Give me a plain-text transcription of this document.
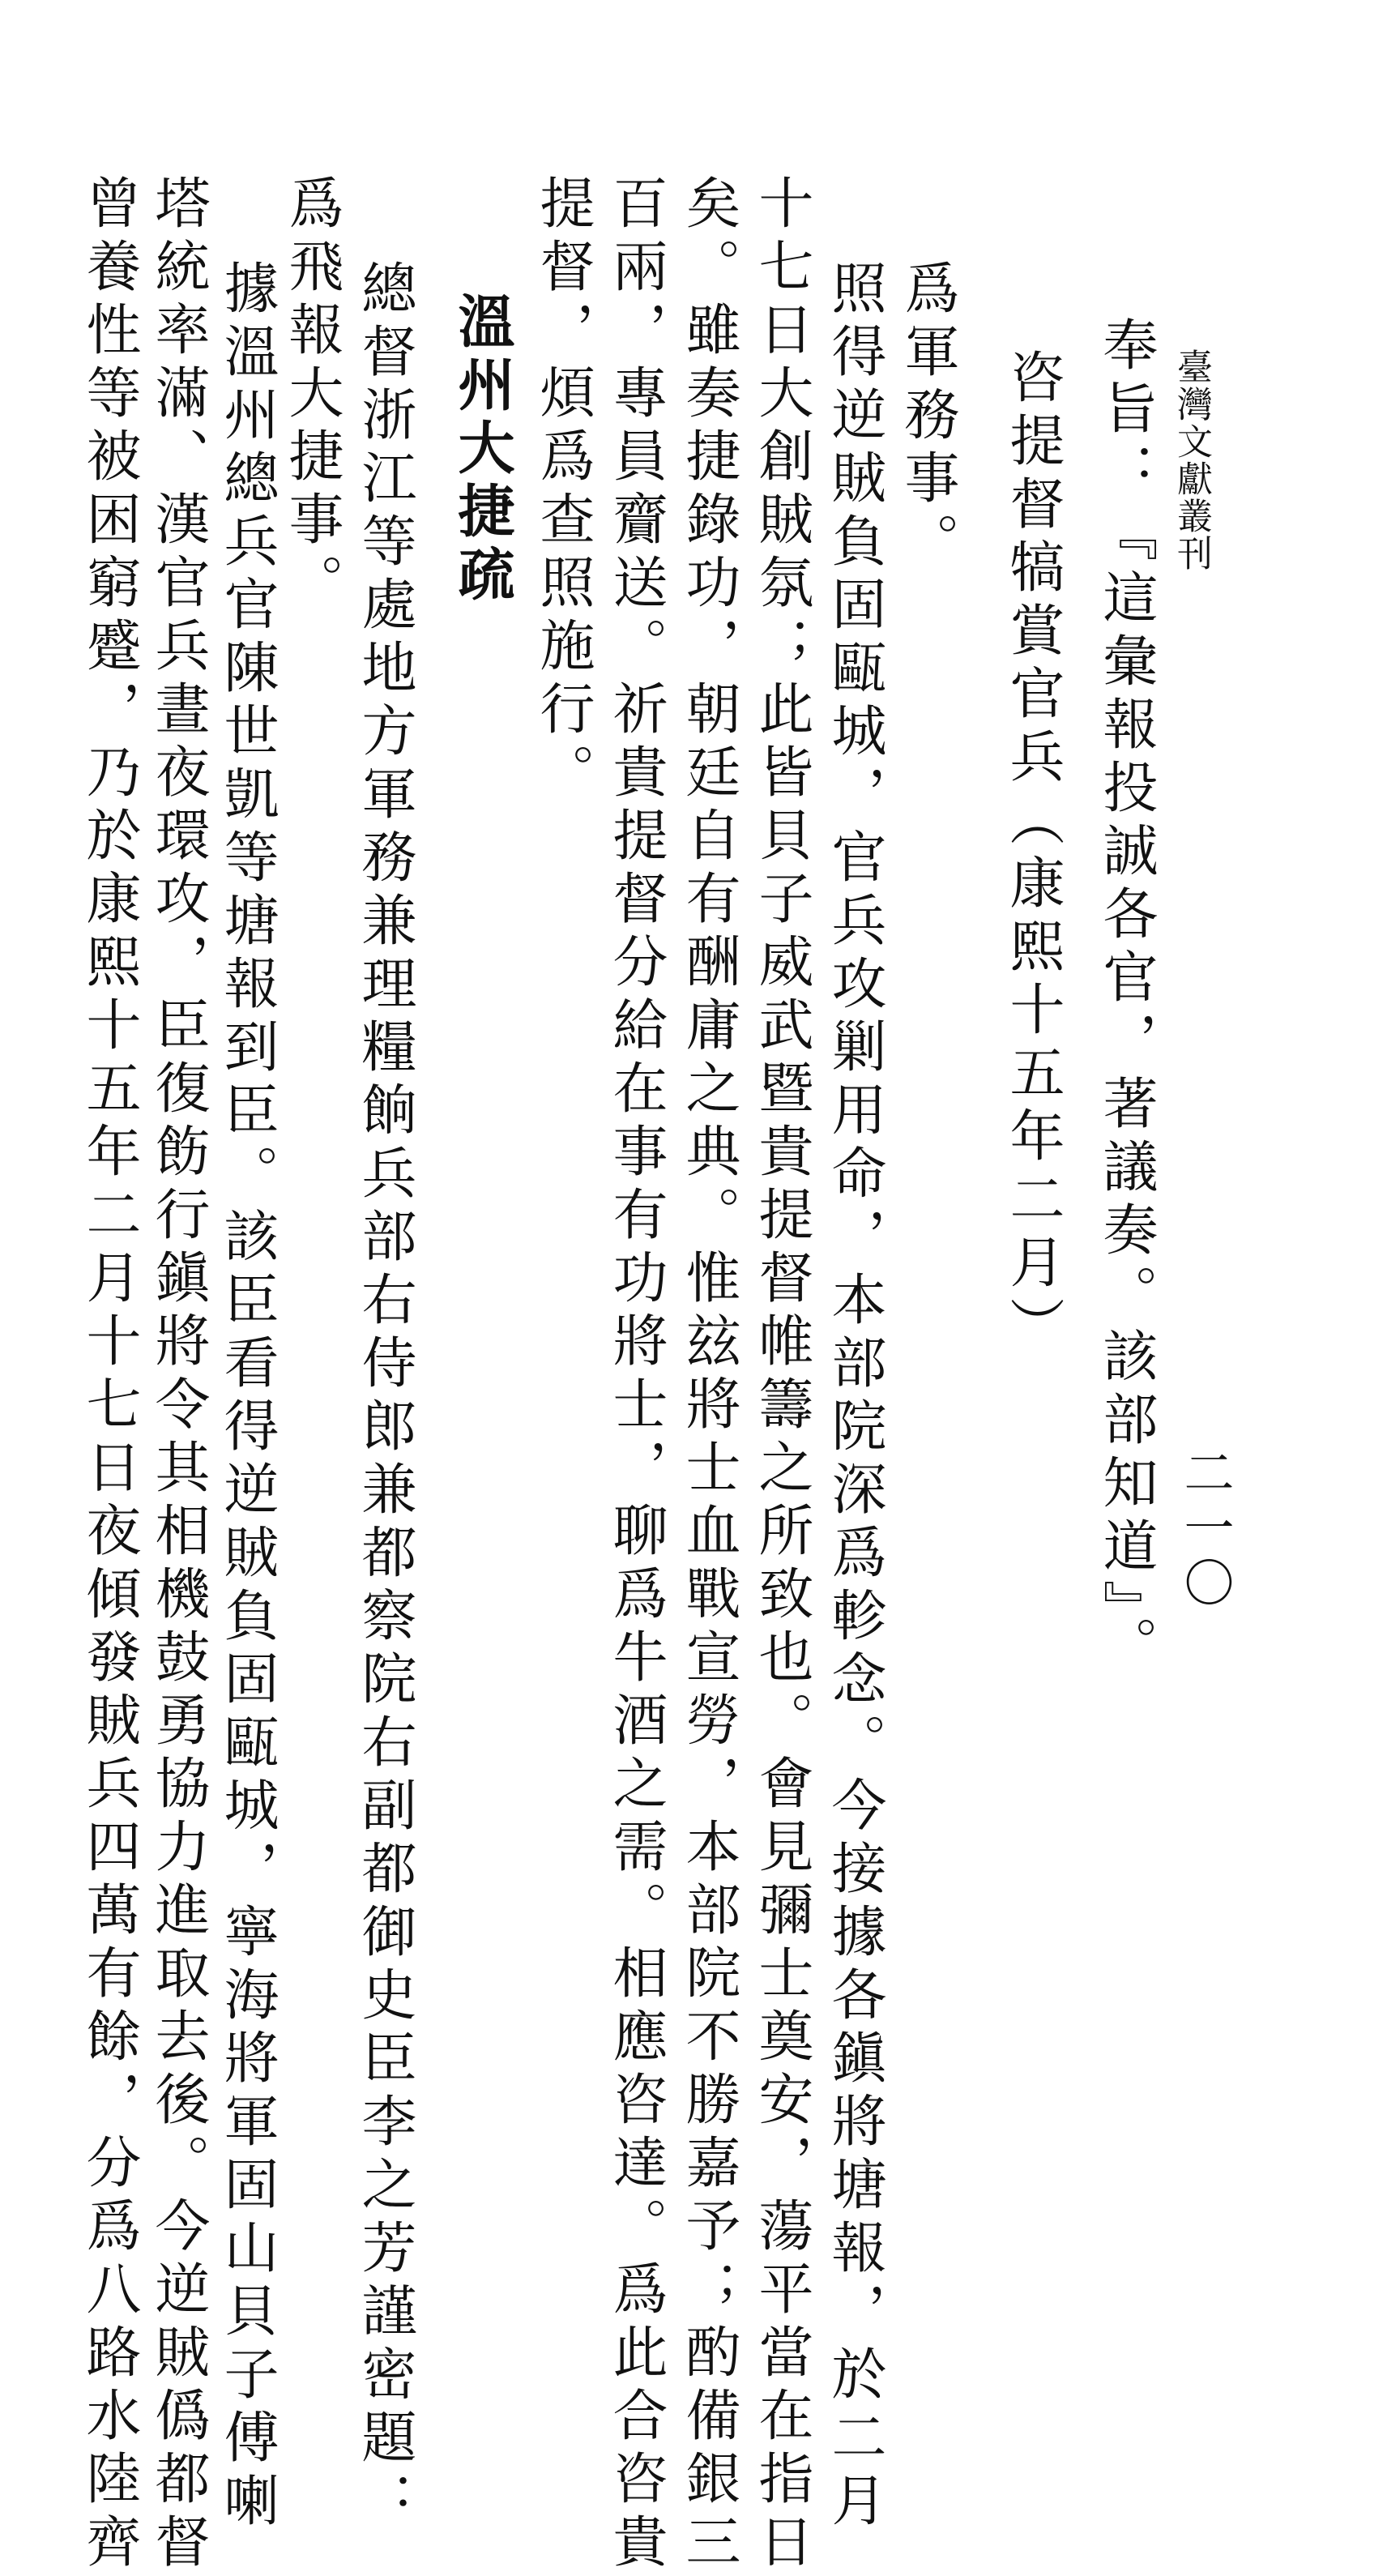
臺灣文獻叢刊
二一〇
奉旨：『這彙報投誠各官，著議奏。該部知道』。
咨提督犒賞官兵（康熙十五年二月）
爲軍務事。
照得逆賊負固甌城，官兵攻剿用命，本部院深爲軫念。今接據各鎭將塘報，於二月
十七日大創賊氛；此皆貝子威武暨貴提督帷籌之所致也。會見彌士奠安，蕩平當在指日
矣。雖奏捷錄功，朝廷自有酬庸之典。惟玆將士血戰宣勞，本部院不勝嘉予；酌備銀三
百兩，專員齎送。祈貴提督分給在事有功將士，聊爲牛酒之需。相應咨達。爲此合咨貴
提督，煩爲查照施行。
溫州大捷疏
總督浙江等處地方軍務兼理糧餉兵部右侍郎兼都察院右副都御史臣李之芳謹密題：
爲飛報大捷事。
據溫州總兵官陳世凱等塘報到臣。該臣看得逆賊負固甌城，寧海將軍固山貝子傅喇
塔統率滿、漢官兵晝夜環攻，臣復飭行鎭將令其相機鼓勇協力進取去後。今逆賊僞都督
曾養性等被困窮蹙，乃於康熙十五年二月十七日夜傾發賊兵四萬有餘，分爲八路水陸齊
